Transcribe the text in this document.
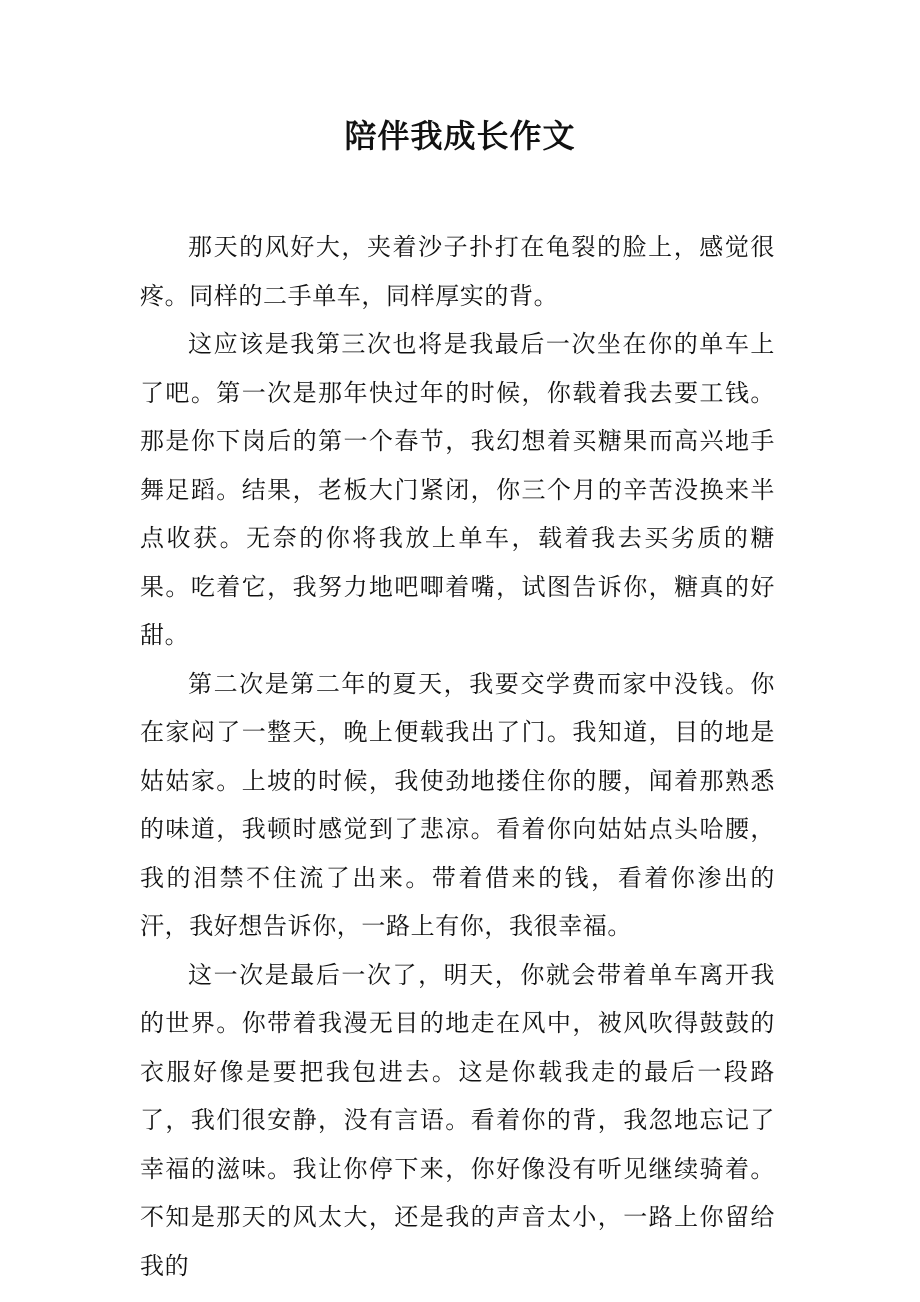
陪伴我成长作文

那天的风好大，夹着沙子扑打在龟裂的脸上，感觉很疼。同样的二手单车，同样厚实的背。

这应该是我第三次也将是我最后一次坐在你的单车上了吧。第一次是那年快过年的时候，你载着我去要工钱。那是你下岗后的第一个春节，我幻想着买糖果而高兴地手舞足蹈。结果，老板大门紧闭，你三个月的辛苦没换来半点收获。无奈的你将我放上单车，载着我去买劣质的糖果。吃着它，我努力地吧唧着嘴，试图告诉你，糖真的好甜。

第二次是第二年的夏天，我要交学费而家中没钱。你在家闷了一整天，晚上便载我出了门。我知道，目的地是姑姑家。上坡的时候，我使劲地搂住你的腰，闻着那熟悉的味道，我顿时感觉到了悲凉。看着你向姑姑点头哈腰，我的泪禁不住流了出来。带着借来的钱，看着你渗出的汗，我好想告诉你，一路上有你，我很幸福。

这一次是最后一次了，明天，你就会带着单车离开我的世界。你带着我漫无目的地走在风中，被风吹得鼓鼓的衣服好像是要把我包进去。这是你载我走的最后一段路了，我们很安静，没有言语。看着你的背，我忽地忘记了幸福的滋味。我让你停下来，你好像没有听见继续骑着。不知是那天的风太大，还是我的声音太小，一路上你留给我的
